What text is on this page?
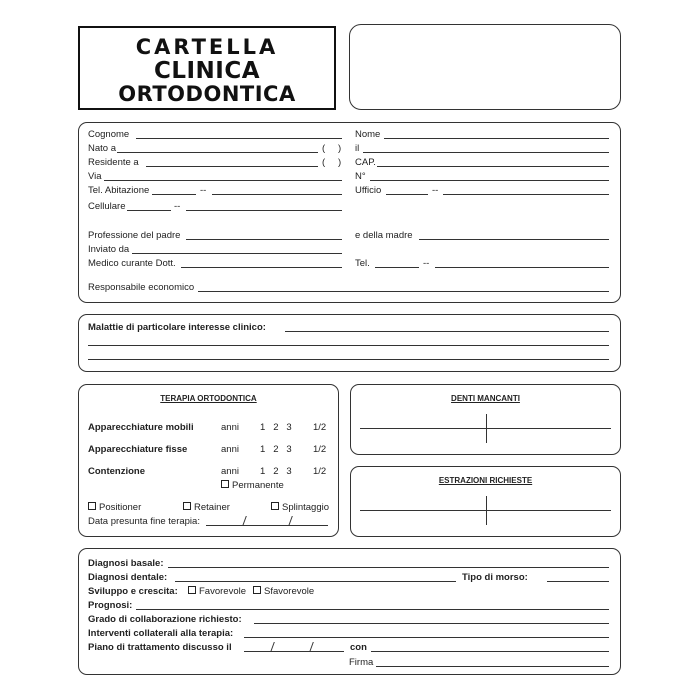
CARTELLA
CLINICA
ORTODONTICA
Cognome	Nome
Nato a	( ) il
Residente a	( ) CAP.
Via	N°
Tel. Abitazione	--	Ufficio	--
Cellulare	--
Professione del padre	e della madre
Inviato da
Medico curante Dott.	Tel.	--
Responsabile economico
Malattie di particolare interesse clinico:
TERAPIA ORTODONTICA
Apparecchiature mobili	anni 1   2   3 1/2
Apparecchiature fisse	anni 1   2   3 1/2
Contenzione	anni 1   2   3 1/2
Permanente
Positioner	Retainer	Splintaggio
Data presunta fine terapia:
DENTI MANCANTI
ESTRAZIONI RICHIESTE
Diagnosi basale:
Diagnosi dentale:	Tipo di morso:
Sviluppo e crescita:	Favorevole	Sfavorevole
Prognosi:
Grado di collaborazione richiesto:
Interventi collaterali alla terapia:
Piano di trattamento discusso il	con
Firma
